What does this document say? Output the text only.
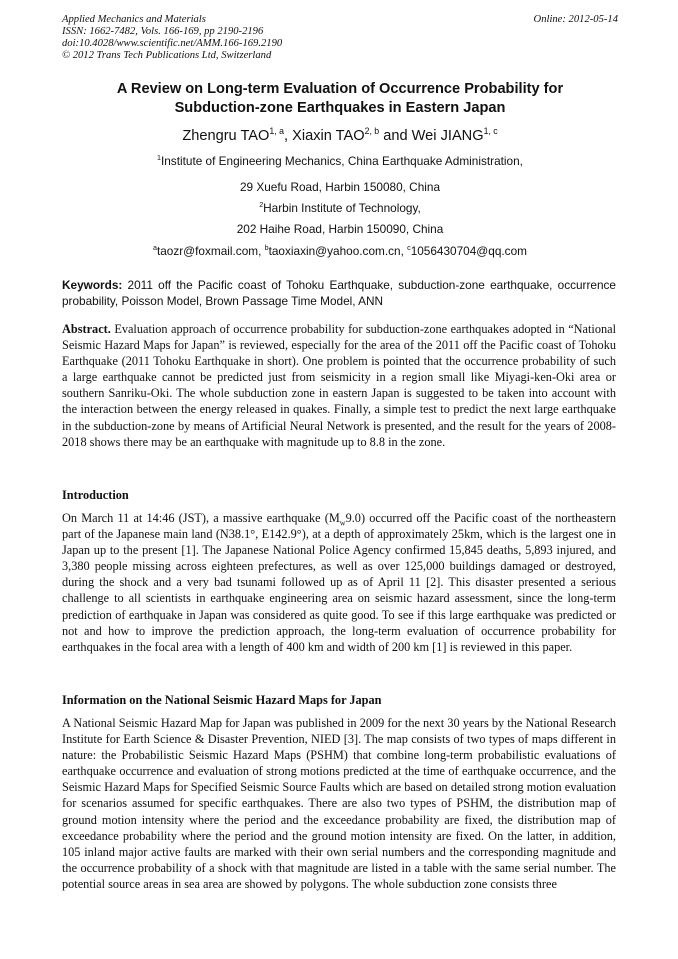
Applied Mechanics and Materials
ISSN: 1662-7482, Vols. 166-169, pp 2190-2196
doi:10.4028/www.scientific.net/AMM.166-169.2190
© 2012 Trans Tech Publications Ltd, Switzerland
Online: 2012-05-14
A Review on Long-term Evaluation of Occurrence Probability for
Subduction-zone Earthquakes in Eastern Japan
Zhengru TAO$^{1, a}$, Xiaxin TAO$^{2, b}$ and Wei JIANG$^{1, c}$
$^1$Institute of Engineering Mechanics, China Earthquake Administration,
29 Xuefu Road, Harbin 150080, China
$^2$Harbin Institute of Technology,
202 Haihe Road, Harbin 150090, China
$^a$taozr@foxmail.com, $^b$taoxiaxin@yahoo.com.cn, $^c$1056430704@qq.com
Keywords: 2011 off the Pacific coast of Tohoku Earthquake, subduction-zone earthquake, occurrence probability, Poisson Model, Brown Passage Time Model, ANN
Abstract. Evaluation approach of occurrence probability for subduction-zone earthquakes adopted in “National Seismic Hazard Maps for Japan” is reviewed, especially for the area of the 2011 off the Pacific coast of Tohoku Earthquake (2011 Tohoku Earthquake in short). One problem is pointed that the occurrence probability of such a large earthquake cannot be predicted just from seismicity in a region small like Miyagi-ken-Oki area or southern Sanriku-Oki. The whole subduction zone in eastern Japan is suggested to be taken into account with the interaction between the energy released in quakes. Finally, a simple test to predict the next large earthquake in the subduction-zone by means of Artificial Neural Network is presented, and the result for the years of 2008-2018 shows there may be an earthquake with magnitude up to 8.8 in the zone.
Introduction
On March 11 at 14:46 (JST), a massive earthquake $(M_w9.0)$ occurred off the Pacific coast of the northeastern part of the Japanese main land (N38.1°, E142.9°), at a depth of approximately 25km, which is the largest one in Japan up to the present [1]. The Japanese National Police Agency confirmed 15,845 deaths, 5,893 injured, and 3,380 people missing across eighteen prefectures, as well as over 125,000 buildings damaged or destroyed, during the shock and a very bad tsunami followed up as of April 11 [2]. This disaster presented a serious challenge to all scientists in earthquake engineering area on seismic hazard assessment, since the long-term prediction of earthquake in Japan was considered as quite good. To see if this large earthquake was predicted or not and how to improve the prediction approach, the long-term evaluation of occurrence probability for earthquakes in the focal area with a length of 400 km and width of 200 km [1] is reviewed in this paper.
Information on the National Seismic Hazard Maps for Japan
A National Seismic Hazard Map for Japan was published in 2009 for the next 30 years by the National Research Institute for Earth Science & Disaster Prevention, NIED [3]. The map consists of two types of maps different in nature: the Probabilistic Seismic Hazard Maps (PSHM) that combine long-term probabilistic evaluations of earthquake occurrence and evaluation of strong motions predicted at the time of earthquake occurrence, and the Seismic Hazard Maps for Specified Seismic Source Faults which are based on detailed strong motion evaluation for scenarios assumed for specific earthquakes. There are also two types of PSHM, the distribution map of ground motion intensity where the period and the exceedance probability are fixed, the distribution map of exceedance probability where the period and the ground motion intensity are fixed. On the latter, in addition, 105 inland major active faults are marked with their own serial numbers and the corresponding magnitude and the occurrence probability of a shock with that magnitude are listed in a table with the same serial number. The potential source areas in sea area are showed by polygons. The whole subduction zone consists three
